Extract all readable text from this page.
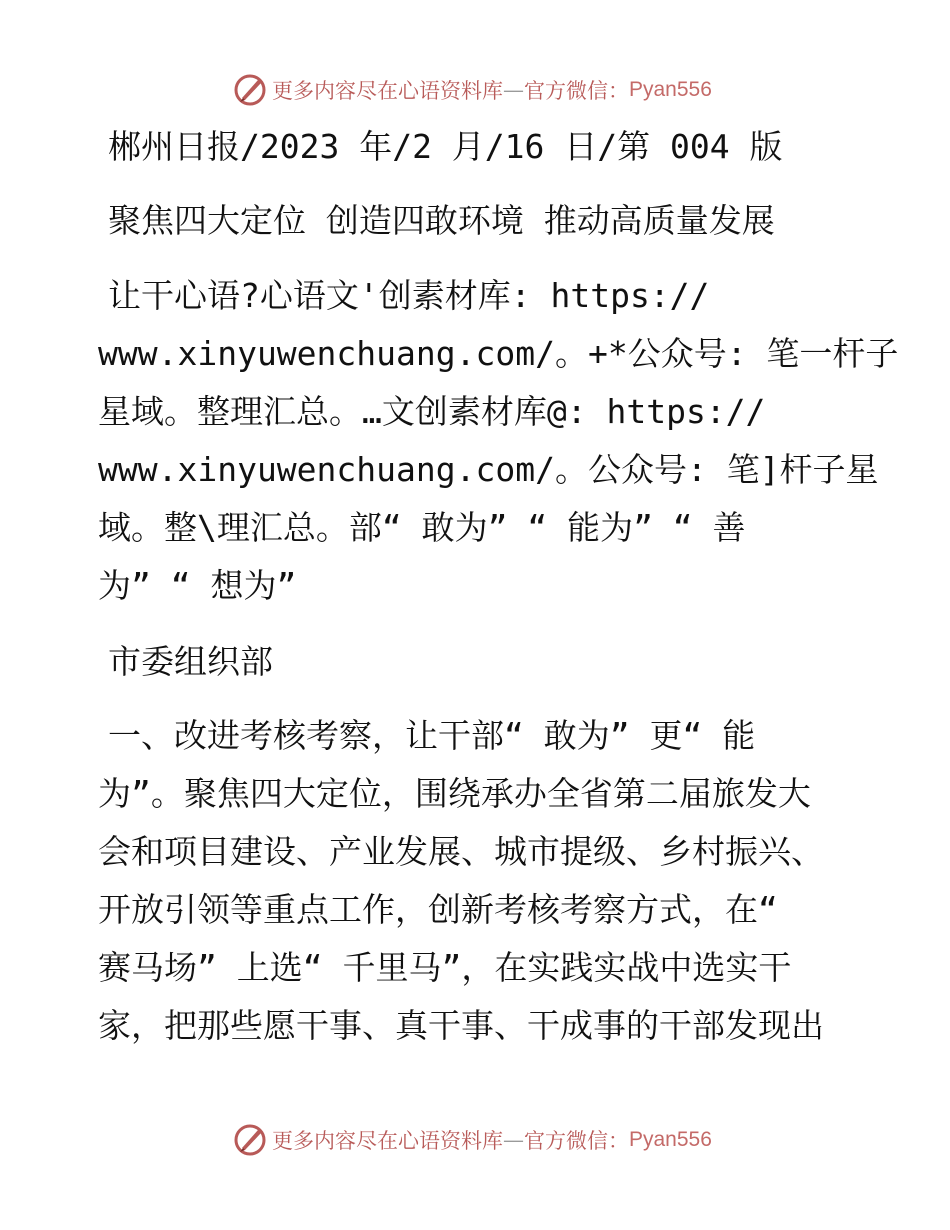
更多内容尽在心语资料库 — 官方微信： Pyan556
郴州日报/2023 年/2 月/16 日/第 004 版
聚焦四大定位 创造四敢环境 推动高质量发展
让干心语?心语文'创素材库: https://
www.xinyuwenchuang.com/。+*公众号: 笔一杆子
星域。整理汇总。…文创素材库@: https://
www.xinyuwenchuang.com/。公众号: 笔]杆子星
域。整\理汇总。部“ 敢为” “ 能为” “ 善
为” “ 想为”
市委组织部
一、改进考核考察，让干部“ 敢为” 更“ 能
为”。聚焦四大定位，围绕承办全省第二届旅发大
会和项目建设、产业发展、城市提级、乡村振兴、
开放引领等重点工作，创新考核考察方式，在“
赛马场” 上选“ 千里马”，在实践实战中选实干
家，把那些愿干事、真干事、干成事的干部发现出
更多内容尽在心语资料库 — 官方微信： Pyan556
